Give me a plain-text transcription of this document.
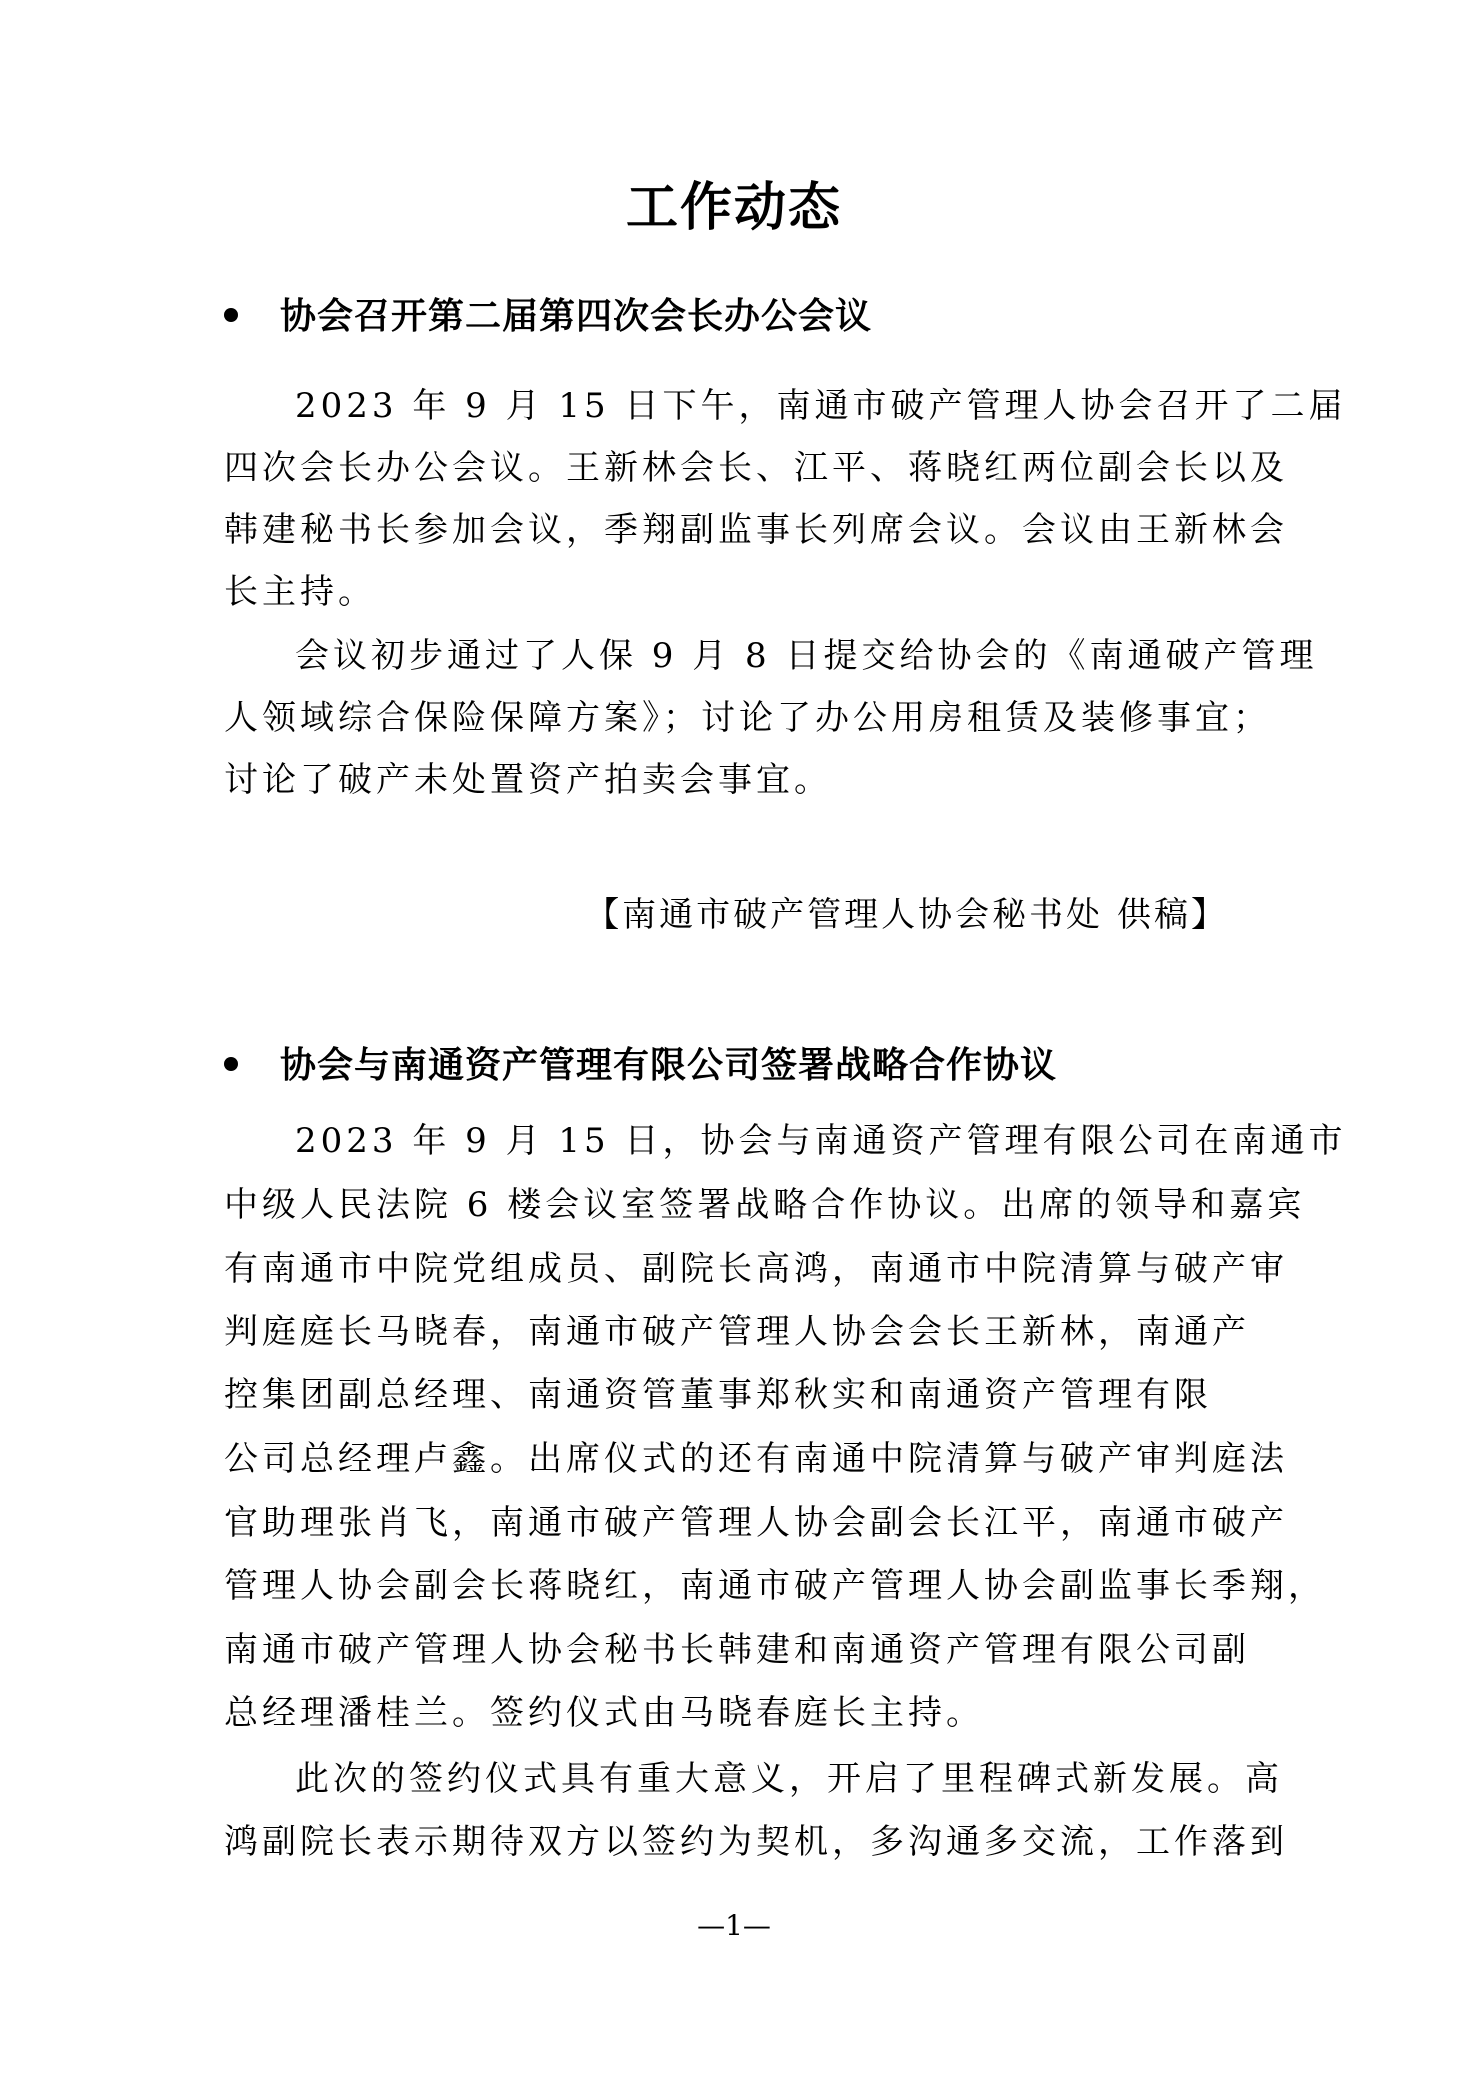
工作动态
协会召开第二届第四次会长办公会议
2023 年 9 月 15 日下午，南通市破产管理人协会召开了二届
四次会长办公会议。王新林会长、江平、蒋晓红两位副会长以及
韩建秘书长参加会议，季翔副监事长列席会议。会议由王新林会
长主持。
会议初步通过了人保 9 月 8 日提交给协会的《南通破产管理
人领域综合保险保障方案》；讨论了办公用房租赁及装修事宜；
讨论了破产未处置资产拍卖会事宜。
【南通市破产管理人协会秘书处 供稿】
协会与南通资产管理有限公司签署战略合作协议
2023 年 9 月 15 日，协会与南通资产管理有限公司在南通市
中级人民法院 6 楼会议室签署战略合作协议。出席的领导和嘉宾
有南通市中院党组成员、副院长高鸿，南通市中院清算与破产审
判庭庭长马晓春，南通市破产管理人协会会长王新林，南通产
控集团副总经理、南通资管董事郑秋实和南通资产管理有限
公司总经理卢鑫。出席仪式的还有南通中院清算与破产审判庭法
官助理张肖飞，南通市破产管理人协会副会长江平，南通市破产
管理人协会副会长蒋晓红，南通市破产管理人协会副监事长季翔，
南通市破产管理人协会秘书长韩建和南通资产管理有限公司副
总经理潘桂兰。签约仪式由马晓春庭长主持。
此次的签约仪式具有重大意义，开启了里程碑式新发展。高
鸿副院长表示期待双方以签约为契机，多沟通多交流，工作落到
—1—
